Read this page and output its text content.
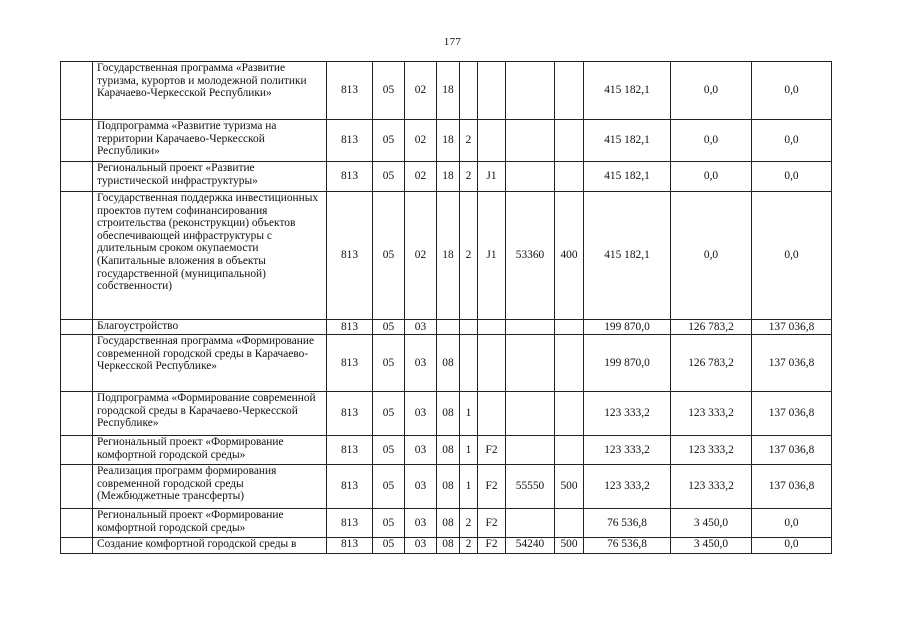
177
	Государственная программа «Развитие туризма, курортов и молодежной политики Карачаево-Черкесской Республики»	813	05	02	18					415 182,1	0,0	0,0
	Подпрограмма «Развитие туризма на территории Карачаево-Черкесской Республики»	813	05	02	18	2				415 182,1	0,0	0,0
	Региональный проект «Развитие туристической инфраструктуры»	813	05	02	18	2	J1			415 182,1	0,0	0,0
	Государственная поддержка инвестиционных проектов путем софинансирования строительства (реконструкции) объектов обеспечивающей инфраструктуры с длительным сроком окупаемости (Капитальные вложения в объекты государственной (муниципальной) собственности)	813	05	02	18	2	J1	53360	400	415 182,1	0,0	0,0
	Благоустройство	813	05	03						199 870,0	126 783,2	137 036,8
	Государственная программа «Формирование современной городской среды в Карачаево-Черкесской Республике»	813	05	03	08					199 870,0	126 783,2	137 036,8
	Подпрограмма «Формирование современной городской среды в Карачаево-Черкесской Республике»	813	05	03	08	1				123 333,2	123 333,2	137 036,8
	Региональный проект «Формирование комфортной городской среды»	813	05	03	08	1	F2			123 333,2	123 333,2	137 036,8
	Реализация программ формирования современной городской среды (Межбюджетные трансферты)	813	05	03	08	1	F2	55550	500	123 333,2	123 333,2	137 036,8
	Региональный проект «Формирование комфортной городской среды»	813	05	03	08	2	F2			76 536,8	3 450,0	0,0
	Создание комфортной городской среды в	813	05	03	08	2	F2	54240	500	76 536,8	3 450,0	0,0
